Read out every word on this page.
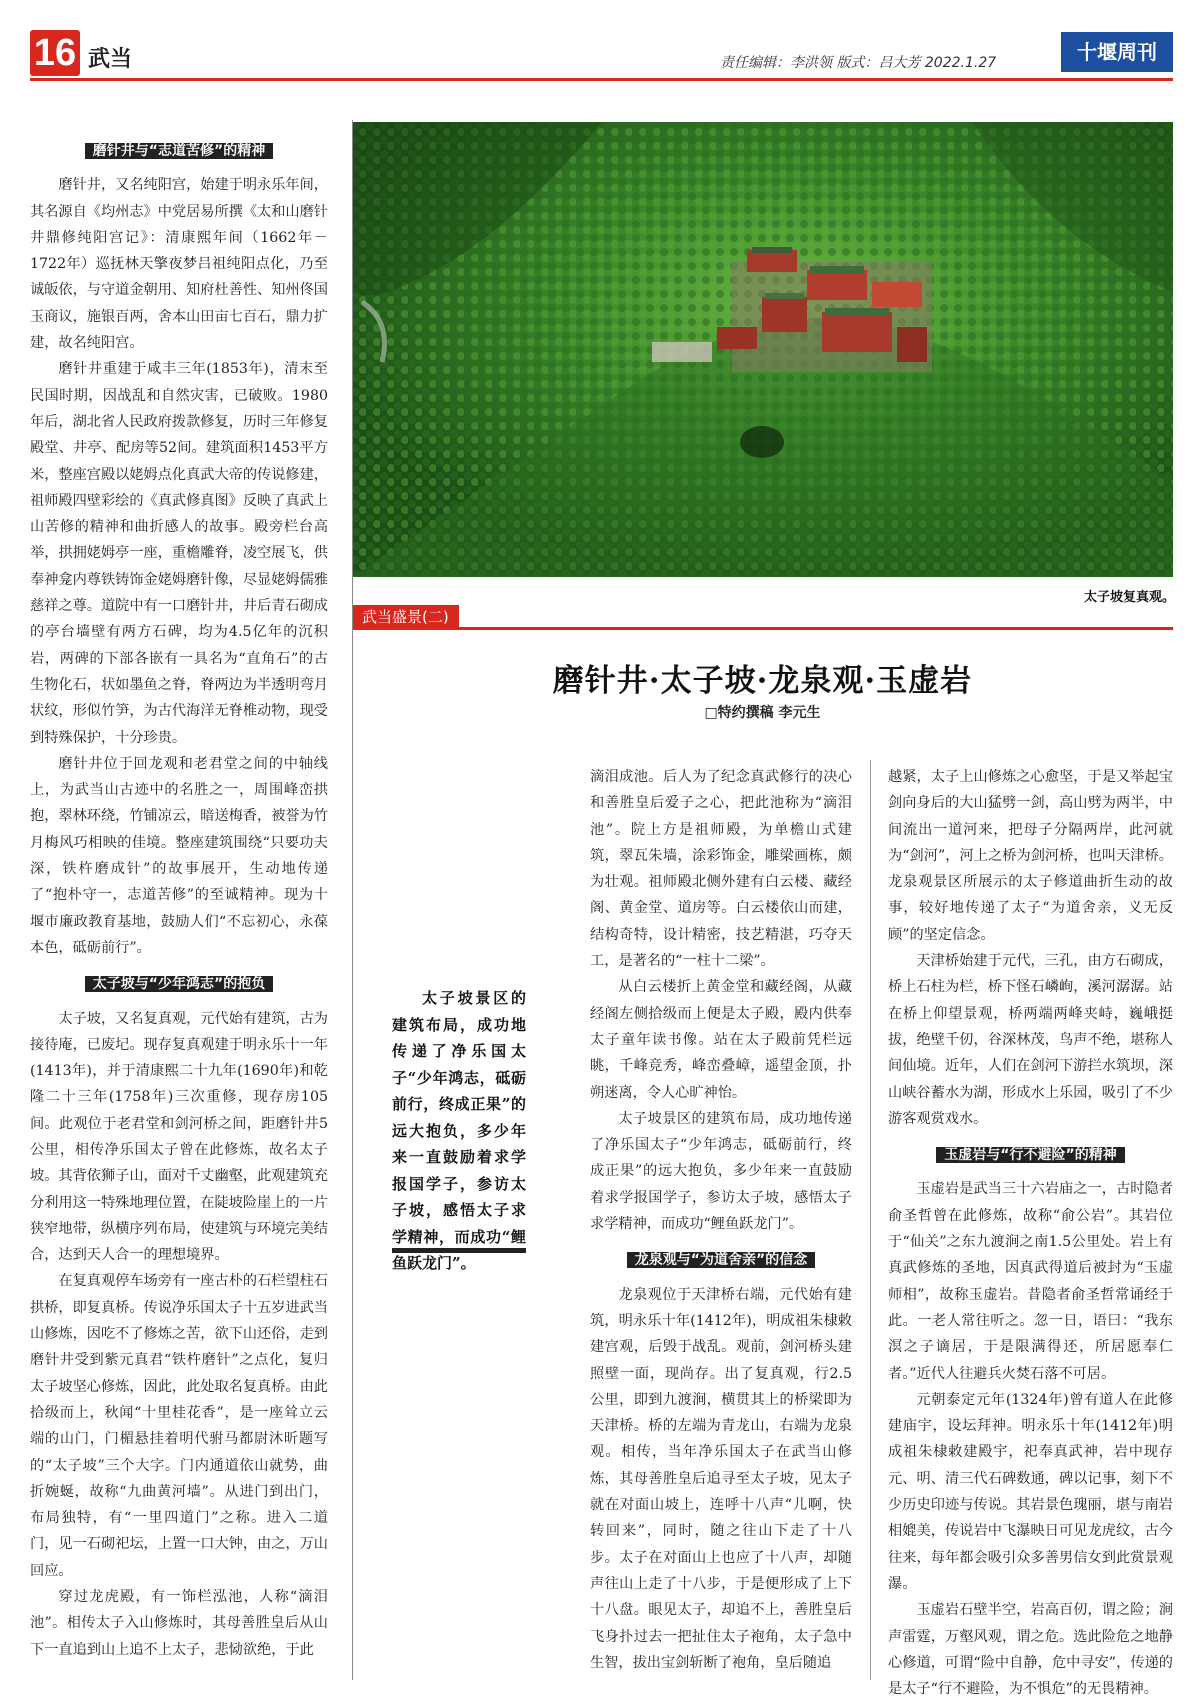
16 武当	责任编辑：李洪领 版式：吕大芳 2022.1.27	十堰周刊
太子坡复真观。
武当盛景(二)
磨针井·太子坡·龙泉观·玉虚岩
□特约撰稿 李元生
磨针井与“志道苦修”的精神

磨针井，又名纯阳宫，始建于明永乐年间，其名源自《均州志》中党居易所撰《太和山磨针井鼎修纯阳宫记》：清康熙年间（1662年－1722年）巡抚林天擎夜梦吕祖纯阳点化，乃至诚皈依，与守道金朝用、知府杜善性、知州佟国玉商议，施银百两，舍本山田亩七百石，鼎力扩建，故名纯阳宫。

磨针井重建于咸丰三年(1853年)，清末至民国时期，因战乱和自然灾害，已破败。1980年后，湖北省人民政府拨款修复，历时三年修复殿堂、井亭、配房等52间。建筑面积1453平方米，整座宫殿以姥姆点化真武大帝的传说修建，祖师殿四壁彩绘的《真武修真图》反映了真武上山苦修的精神和曲折感人的故事。殿旁栏台高举，拱拥姥姆亭一座，重檐雕脊，凌空展飞，供奉神龛内尊铁铸饰金姥姆磨针像，尽显姥姆儒雅慈祥之尊。道院中有一口磨针井，井后青石砌成的亭台墙壁有两方石碑，均为4.5亿年的沉积岩，两碑的下部各嵌有一具名为“直角石”的古生物化石，状如墨鱼之脊，脊两边为半透明弯月状纹，形似竹笋，为古代海洋无脊椎动物，现受到特殊保护，十分珍贵。

磨针井位于回龙观和老君堂之间的中轴线上，为武当山古迹中的名胜之一，周围峰峦拱抱，翠林环绕，竹铺凉云，暗送梅香，被誉为竹月梅风巧相映的佳境。整座建筑围绕“只要功夫深，铁杵磨成针”的故事展开，生动地传递了“抱朴守一，志道苦修”的至诚精神。现为十堰市廉政教育基地，鼓励人们“不忘初心，永葆本色，砥砺前行”。

太子坡与“少年鸿志”的抱负

太子坡，又名复真观，元代始有建筑，古为接待庵，已废圮。现存复真观建于明永乐十一年(1413年)，并于清康熙二十九年(1690年)和乾隆二十三年(1758年)三次重修，现存房105间。此观位于老君堂和剑河桥之间，距磨针井5公里，相传净乐国太子曾在此修炼，故名太子坡。其背依狮子山，面对千丈幽壑，此观建筑充分利用这一特殊地理位置，在陡坡险崖上的一片狭窄地带，纵横序列布局，使建筑与环境完美结合，达到天人合一的理想境界。

在复真观停车场旁有一座古朴的石栏望柱石拱桥，即复真桥。传说净乐国太子十五岁进武当山修炼，因吃不了修炼之苦，欲下山还俗，走到磨针井受到紫元真君“铁杵磨针”之点化，复归太子坡坚心修炼，因此，此处取名复真桥。由此拾级而上，秋闻“十里桂花香”，是一座耸立云端的山门，门楣悬挂着明代驸马都尉沐昕题写的“太子坡”三个大字。门内通道依山就势，曲折婉蜒，故称“九曲黄河墙”。从进门到出门，布局独特，有“一里四道门”之称。进入二道门，见一石砌祀坛，上置一口大钟，由之，万山回应。

穿过龙虎殿，有一饰栏泓池，人称“滴泪池”。相传太子入山修炼时，其母善胜皇后从山下一直追到山上追不上太子，悲恸欲绝，于此

太子坡景区的建筑布局，成功地传递了净乐国太子“少年鸿志，砥砺前行，终成正果”的远大抱负，多少年来一直鼓励着求学报国学子，参访太子坡，感悟太子求学精神，而成功“鲤鱼跃龙门”。

滴泪成池。后人为了纪念真武修行的决心和善胜皇后爱子之心，把此池称为“滴泪池”。院上方是祖师殿，为单檐山式建筑，翠瓦朱墙，涂彩饰金，雕梁画栋，颇为壮观。祖师殿北侧外建有白云楼、藏经阁、黄金堂、道房等。白云楼依山而建，结构奇特，设计精密，技艺精湛，巧夺天工，是著名的“一柱十二梁”。

从白云楼折上黄金堂和藏经阁，从藏经阁左侧拾级而上便是太子殿，殿内供奉太子童年读书像。站在太子殿前凭栏远眺，千峰竞秀，峰峦叠嶂，遥望金顶，扑朔迷离，令人心旷神怡。

太子坡景区的建筑布局，成功地传递了净乐国太子“少年鸿志，砥砺前行，终成正果”的远大抱负，多少年来一直鼓励着求学报国学子，参访太子坡，感悟太子求学精神，而成功“鲤鱼跃龙门”。

龙泉观与“为道舍亲”的信念

龙泉观位于天津桥右端，元代始有建筑，明永乐十年(1412年)，明成祖朱棣敕建宫观，后毁于战乱。观前，剑河桥头建照壁一面，现尚存。出了复真观，行2.5公里，即到九渡涧，横贯其上的桥梁即为天津桥。桥的左端为青龙山，右端为龙泉观。相传，当年净乐国太子在武当山修炼，其母善胜皇后追寻至太子坡，见太子就在对面山坡上，连呼十八声“儿啊，快转回来”，同时，随之往山下走了十八步。太子在对面山上也应了十八声，却随声往山上走了十八步，于是便形成了上下十八盘。眼见太子，却追不上，善胜皇后飞身扑过去一把扯住太子袍角，太子急中生智，拔出宝剑斩断了袍角，皇后随追

越紧，太子上山修炼之心愈坚，于是又举起宝剑向身后的大山猛劈一剑，高山劈为两半，中间流出一道河来，把母子分隔两岸，此河就为“剑河”，河上之桥为剑河桥，也叫天津桥。龙泉观景区所展示的太子修道曲折生动的故事，较好地传递了太子“为道舍亲，义无反顾”的坚定信念。

天津桥始建于元代，三孔，由方石砌成，桥上石柱为栏，桥下怪石嶙峋，溪河潺潺。站在桥上仰望景观，桥两端两峰夹峙，巍峨挺拔，绝壁千仞，谷深林茂，鸟声不绝，堪称人间仙境。近年，人们在剑河下游拦水筑坝，深山峡谷蓄水为湖，形成水上乐园，吸引了不少游客观赏戏水。

玉虚岩与“行不避险”的精神

玉虚岩是武当三十六岩庙之一，古时隐者俞圣哲曾在此修炼，故称“俞公岩”。其岩位于“仙关”之东九渡涧之南1.5公里处。岩上有真武修炼的圣地，因真武得道后被封为“玉虚师相”，故称玉虚岩。昔隐者俞圣哲常诵经于此。一老人常往听之。忽一日，语曰：“我东溟之子谪居，于是限满得还，所居愿奉仁者。”近代人往避兵火焚石落不可居。

元朝泰定元年(1324年)曾有道人在此修建庙宇，设坛拜神。明永乐十年(1412年)明成祖朱棣敕建殿宇，祀奉真武神，岩中现存元、明、清三代石碑数通，碑以记事，刻下不少历史印迹与传说。其岩景色瑰丽，堪与南岩相媲美，传说岩中飞瀑映日可见龙虎纹，古今往来，每年都会吸引众多善男信女到此赏景观瀑。

玉虚岩石壁半空，岩高百仞，谓之险；涧声雷霆，万壑风观，谓之危。选此险危之地静心修道，可谓“险中自静，危中寻安”，传递的是太子“行不避险，为不惧危”的无畏精神。
